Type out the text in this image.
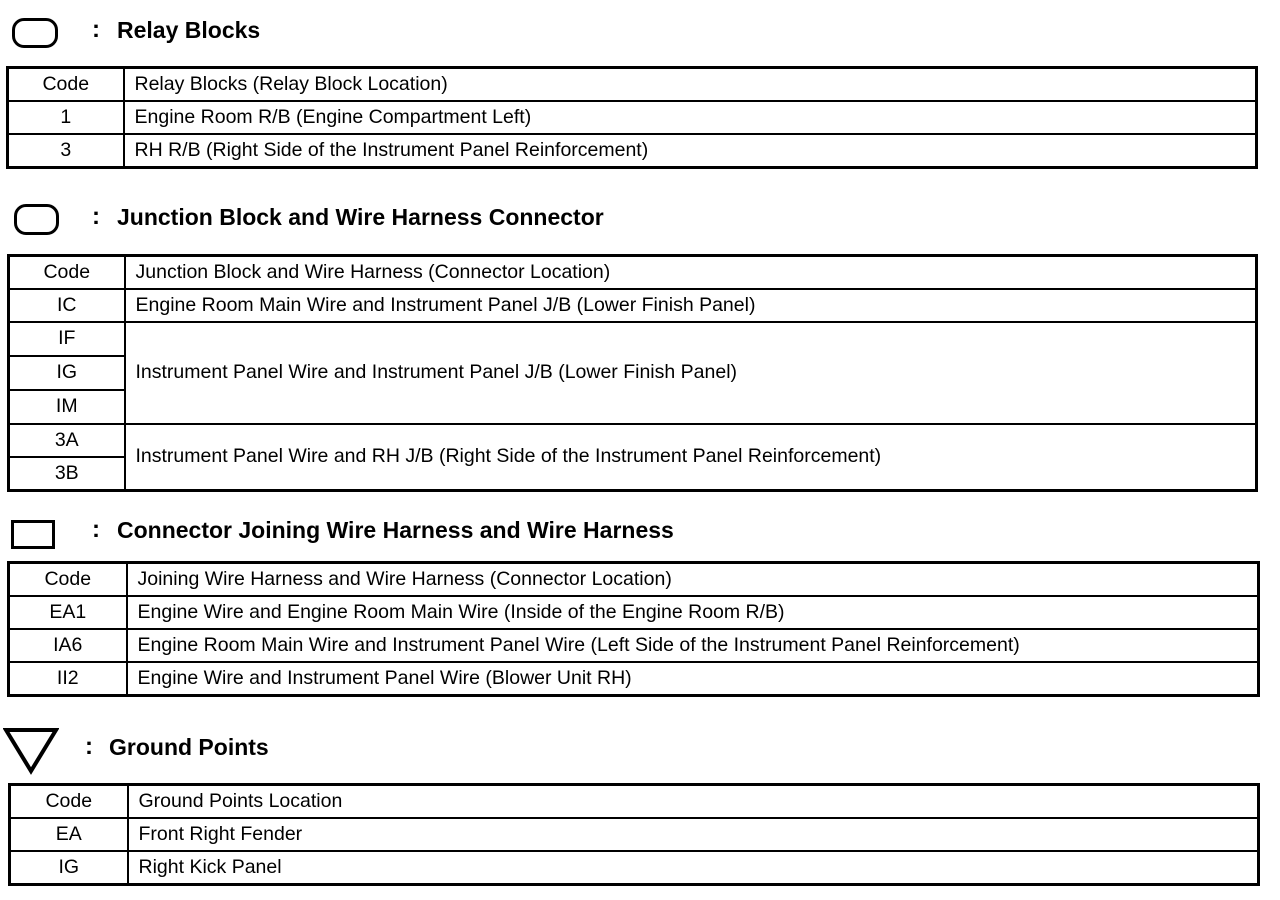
: Relay Blocks
Code	Relay Blocks (Relay Block Location)
1	Engine Room R/B (Engine Compartment Left)
3	RH R/B (Right Side of the Instrument Panel Reinforcement)
: Junction Block and Wire Harness Connector
Code	Junction Block and Wire Harness (Connector Location)
IC	Engine Room Main Wire and Instrument Panel J/B (Lower Finish Panel)
IF	Instrument Panel Wire and Instrument Panel J/B (Lower Finish Panel)
IG	
IM	
3A	Instrument Panel Wire and RH J/B (Right Side of the Instrument Panel Reinforcement)
3B	
: Connector Joining Wire Harness and Wire Harness
Code	Joining Wire Harness and Wire Harness (Connector Location)
EA1	Engine Wire and Engine Room Main Wire (Inside of the Engine Room R/B)
IA6	Engine Room Main Wire and Instrument Panel Wire (Left Side of the Instrument Panel Reinforcement)
II2	Engine Wire and Instrument Panel Wire (Blower Unit RH)
: Ground Points
Code	Ground Points Location
EA	Front Right Fender
IG	Right Kick Panel
